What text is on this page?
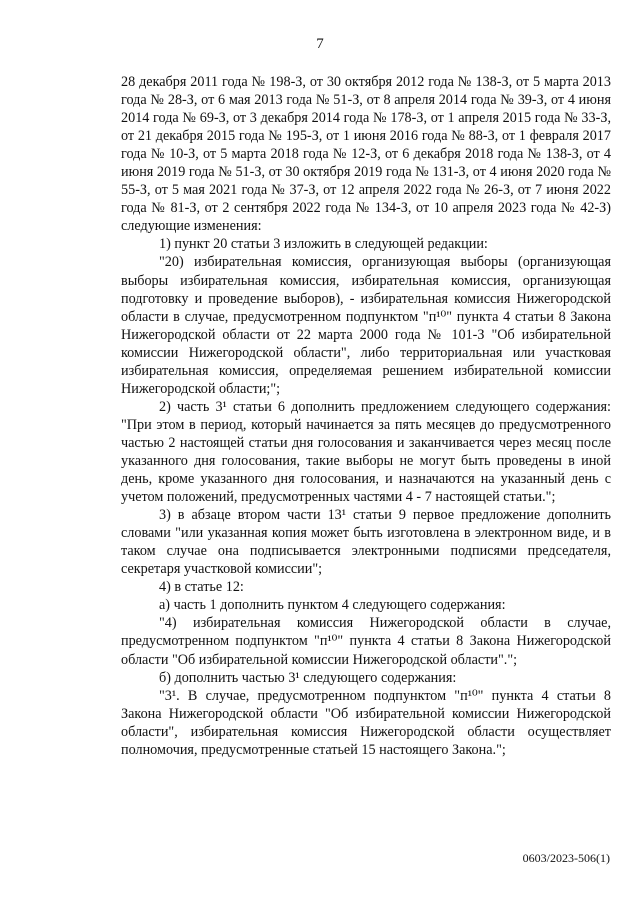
7

28 декабря 2011 года № 198-З, от 30 октября 2012 года № 138-З, от 5 марта 2013 года № 28-З, от 6 мая 2013 года № 51-З, от 8 апреля 2014 года № 39-З, от 4 июня 2014 года № 69-З, от 3 декабря 2014 года № 178-З, от 1 апреля 2015 года № 33-З, от 21 декабря 2015 года № 195-З, от 1 июня 2016 года № 88-З, от 1 февраля 2017 года № 10-З, от 5 марта 2018 года № 12-З, от 6 декабря 2018 года № 138-З, от 4 июня 2019 года № 51-З, от 30 октября 2019 года № 131-З, от 4 июня 2020 года № 55-З, от 5 мая 2021 года № 37-З, от 12 апреля 2022 года № 26-З, от 7 июня 2022 года № 81-З, от 2 сентября 2022 года № 134-З, от 10 апреля 2023 года № 42-З) следующие изменения:

1) пункт 20 статьи 3 изложить в следующей редакции:

"20) избирательная комиссия, организующая выборы (организующая выборы избирательная комиссия, избирательная комиссия, организующая подготовку и проведение выборов), - избирательная комиссия Нижегородской области в случае, предусмотренном подпунктом "п¹⁰" пункта 4 статьи 8 Закона Нижегородской области от 22 марта 2000 года № 101-З "Об избирательной комиссии Нижегородской области", либо территориальная или участковая избирательная комиссия, определяемая решением избирательной комиссии Нижегородской области;";

2) часть 3¹ статьи 6 дополнить предложением следующего содержания: "При этом в период, который начинается за пять месяцев до предусмотренного частью 2 настоящей статьи дня голосования и заканчивается через месяц после указанного дня голосования, такие выборы не могут быть проведены в иной день, кроме указанного дня голосования, и назначаются на указанный день с учетом положений, предусмотренных частями 4 - 7 настоящей статьи.";

3) в абзаце втором части 13¹ статьи 9 первое предложение дополнить словами "или указанная копия может быть изготовлена в электронном виде, и в таком случае она подписывается электронными подписями председателя, секретаря участковой комиссии";

4) в статье 12:

а) часть 1 дополнить пунктом 4 следующего содержания:

"4) избирательная комиссия Нижегородской области в случае, предусмотренном подпунктом "п¹⁰" пункта 4 статьи 8 Закона Нижегородской области "Об избирательной комиссии Нижегородской области".";

б) дополнить частью 3¹ следующего содержания:

"3¹. В случае, предусмотренном подпунктом "п¹⁰" пункта 4 статьи 8 Закона Нижегородской области "Об избирательной комиссии Нижегородской области", избирательная комиссия Нижегородской области осуществляет полномочия, предусмотренные статьей 15 настоящего Закона.";

0603/2023-506(1)
